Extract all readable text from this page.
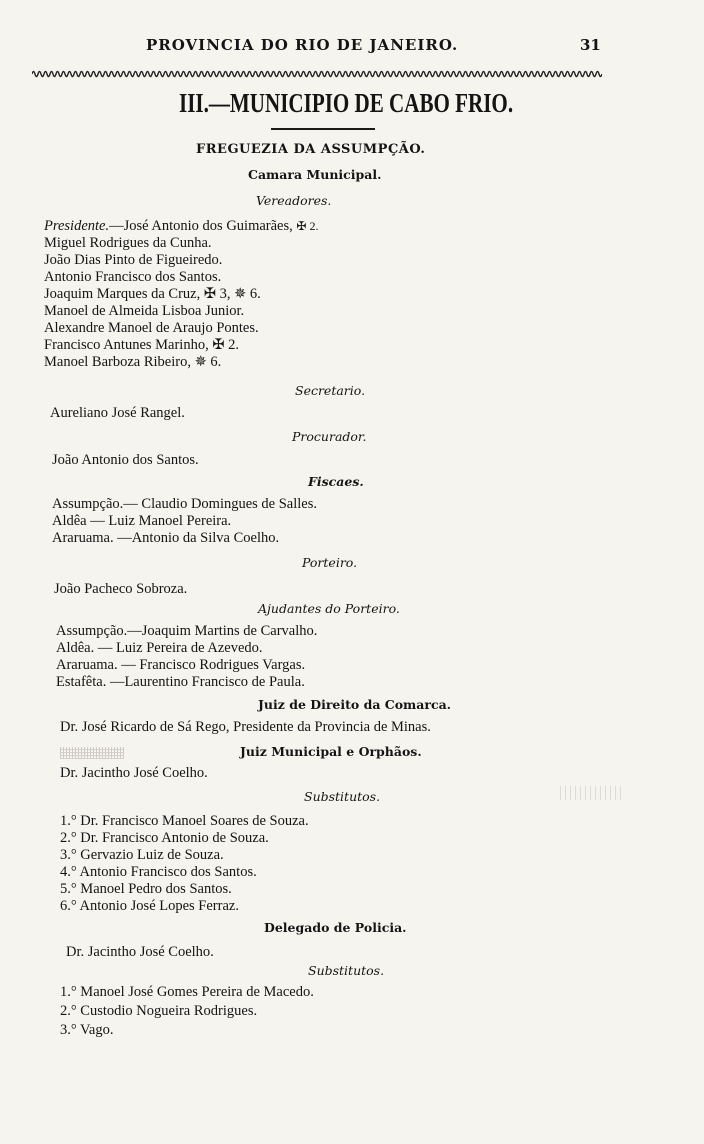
PROVINCIA DO RIO DE JANEIRO.	31
III.—MUNICIPIO DE CABO FRIO.
FREGUEZIA DA ASSUMPÇÃO.
Camara Municipal.
Vereadores.
Presidente.—José Antonio dos Guimarães, ✠ 2.
Miguel Rodrigues da Cunha.
João Dias Pinto de Figueiredo.
Antonio Francisco dos Santos.
Joaquim Marques da Cruz, ✠ 3, ✵ 6.
Manoel de Almeida Lisboa Junior.
Alexandre Manoel de Araujo Pontes.
Francisco Antunes Marinho, ✠ 2.
Manoel Barboza Ribeiro, ✵ 6.
Secretario.
Aureliano José Rangel.
Procurador.
João Antonio dos Santos.
Fiscaes.
Assumpção.— Claudio Domingues de Salles.
Aldêa — Luiz Manoel Pereira.
Araruama. —Antonio da Silva Coelho.
Porteiro.
João Pacheco Sobroza.
Ajudantes do Porteiro.
Assumpção.—Joaquim Martins de Carvalho.
Aldêa. — Luiz Pereira de Azevedo.
Araruama. — Francisco Rodrigues Vargas.
Estafêta. —Laurentino Francisco de Paula.
Juiz de Direito da Comarca.
Dr. José Ricardo de Sá Rego, Presidente da Provincia de Minas.
Juiz Municipal e Orphãos.
Dr. Jacintho José Coelho.
Substitutos.
1.° Dr. Francisco Manoel Soares de Souza.
2.° Dr. Francisco Antonio de Souza.
3.° Gervazio Luiz de Souza.
4.° Antonio Francisco dos Santos.
5.° Manoel Pedro dos Santos.
6.° Antonio José Lopes Ferraz.
Delegado de Policia.
Dr. Jacintho José Coelho.
Substitutos.
1.° Manoel José Gomes Pereira de Macedo.
2.° Custodio Nogueira Rodrigues.
3.° Vago.
